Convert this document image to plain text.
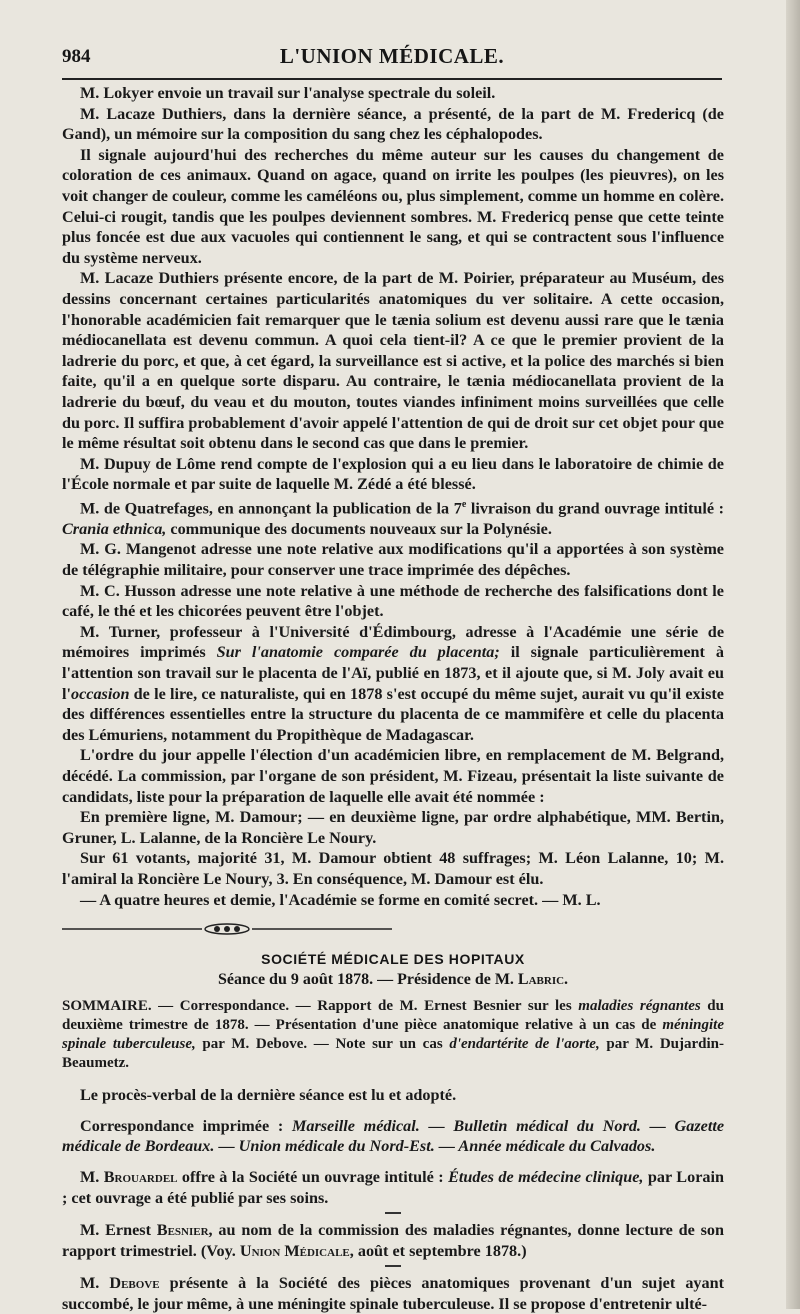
984	L'UNION MÉDICALE.

M. Lokyer envoie un travail sur l'analyse spectrale du soleil.

M. Lacaze Duthiers, dans la dernière séance, a présenté, de la part de M. Fredericq (de Gand), un mémoire sur la composition du sang chez les céphalopodes.

Il signale aujourd'hui des recherches du même auteur sur les causes du changement de coloration de ces animaux. Quand on agace, quand on irrite les poulpes (les pieuvres), on les voit changer de couleur, comme les caméléons ou, plus simplement, comme un homme en colère. Celui-ci rougit, tandis que les poulpes deviennent sombres. M. Fredericq pense que cette teinte plus foncée est due aux vacuoles qui contiennent le sang, et qui se contractent sous l'influence du système nerveux.

M. Lacaze Duthiers présente encore, de la part de M. Poirier, préparateur au Muséum, des dessins concernant certaines particularités anatomiques du ver solitaire. A cette occasion, l'honorable académicien fait remarquer que le tænia solium est devenu aussi rare que le tænia médiocanellata est devenu commun. A quoi cela tient-il? A ce que le premier provient de la ladrerie du porc, et que, à cet égard, la surveillance est si active, et la police des marchés si bien faite, qu'il a en quelque sorte disparu. Au contraire, le tænia médiocanellata provient de la ladrerie du bœuf, du veau et du mouton, toutes viandes infiniment moins surveillées que celle du porc. Il suffira probablement d'avoir appelé l'attention de qui de droit sur cet objet pour que le même résultat soit obtenu dans le second cas que dans le premier.

M. Dupuy de Lôme rend compte de l'explosion qui a eu lieu dans le laboratoire de chimie de l'École normale et par suite de laquelle M. Zédé a été blessé.

M. de Quatrefages, en annonçant la publication de la 7e livraison du grand ouvrage intitulé : Crania ethnica, communique des documents nouveaux sur la Polynésie.

M. G. Mangenot adresse une note relative aux modifications qu'il a apportées à son système de télégraphie militaire, pour conserver une trace imprimée des dépêches.

M. C. Husson adresse une note relative à une méthode de recherche des falsifications dont le café, le thé et les chicorées peuvent être l'objet.

M. Turner, professeur à l'Université d'Édimbourg, adresse à l'Académie une série de mémoires imprimés Sur l'anatomie comparée du placenta; il signale particulièrement à l'attention son travail sur le placenta de l'Aï, publié en 1873, et il ajoute que, si M. Joly avait eu l'occasion de le lire, ce naturaliste, qui en 1878 s'est occupé du même sujet, aurait vu qu'il existe des différences essentielles entre la structure du placenta de ce mammifère et celle du placenta des Lémuriens, notamment du Propithèque de Madagascar.

L'ordre du jour appelle l'élection d'un académicien libre, en remplacement de M. Belgrand, décédé. La commission, par l'organe de son président, M. Fizeau, présentait la liste suivante de candidats, liste pour la préparation de laquelle elle avait été nommée :

En première ligne, M. Damour; — en deuxième ligne, par ordre alphabétique, MM. Bertin, Gruner, L. Lalanne, de la Roncière Le Noury.

Sur 61 votants, majorité 31, M. Damour obtient 48 suffrages; M. Léon Lalanne, 10; M. l'amiral la Roncière Le Noury, 3. En conséquence, M. Damour est élu.

— A quatre heures et demie, l'Académie se forme en comité secret. — M. L.

SOCIÉTÉ MÉDICALE DES HOPITAUX
Séance du 9 août 1878. — Présidence de M. Labric.

SOMMAIRE. — Correspondance. — Rapport de M. Ernest Besnier sur les maladies régnantes du deuxième trimestre de 1878. — Présentation d'une pièce anatomique relative à un cas de méningite spinale tuberculeuse, par M. Debove. — Note sur un cas d'endartérite de l'aorte, par M. Dujardin-Beaumetz.

Le procès-verbal de la dernière séance est lu et adopté.

Correspondance imprimée : Marseille médical. — Bulletin médical du Nord. — Gazette médicale de Bordeaux. — Union médicale du Nord-Est. — Année médicale du Calvados.

M. Brouardel offre à la Société un ouvrage intitulé : Études de médecine clinique, par Lorain ; cet ouvrage a été publié par ses soins.

M. Ernest Besnier, au nom de la commission des maladies régnantes, donne lecture de son rapport trimestriel. (Voy. Union Médicale, août et septembre 1878.)

M. Debove présente à la Société des pièces anatomiques provenant d'un sujet ayant succombé, le jour même, à une méningite spinale tuberculeuse. Il se propose d'entretenir ulté-
